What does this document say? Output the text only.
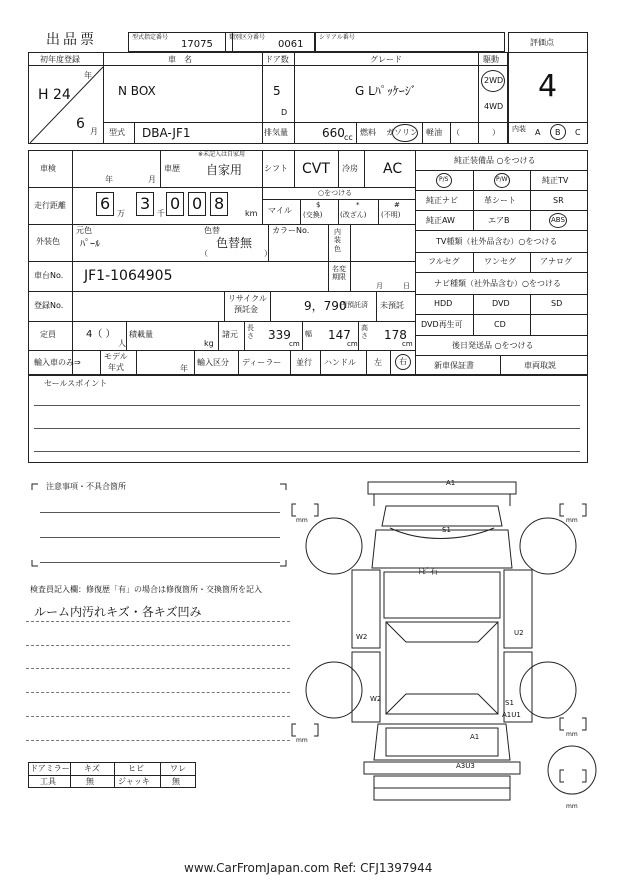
出品票	型式指定番号
17075
類別区分番号
0061
シリアル番号
初年度登録
年
H 24
6 月
車　名
N BOX
ドア数
5
D
グレード
G Lﾊﾟｯｹｰｼﾞ
駆動
2WD
4WD
型式 DBA-JF1	排気量	660 cc
燃料 ガソリン 軽油 （　　　　）
評価点
4
内装 A B C
車検
年	月
車歴
※未記入は自家用
自家用	シフト CVT 冷房 AC
走行距離 6
万
3
千
0 0 8
km
○をつける
マイル
$
(交換)
*
(改ざん)
#
(不明)
外装色
元色
ﾊﾟｰﾙ
色替
色替無
（　　　　　　　）
カラーNo.	内装色
車台No. JF1-1064905	名変期限
月	日
登録No.
リサイクル
預託金	9，790
円預託済 未預託
定員	4（ ）
人
積載量
kg
諸元
長さ 339
cm
幅 147
cm
高さ 178
cm
輸入車のみ⇒
モデル
年式	年
輸入区分 ディーラー 並行 ハンドル 左 右
純正装備品 ○をつける
P/S	P/W	純正TV
純正ナビ	革シート	SR
純正AW	エアB	ABS
TV種類（社外品含む）○をつける
フルセグ	ワンセグ	アナログ
ナビ種類（社外品含む）○をつける
HDD	DVD	SD
DVD再生可	CD
後日発送品 ○をつける
新車保証書	車両取説
セールスポイント
注意事項・不具合箇所
検査員記入欄：修復歴「有」の場合は修復箇所・交換箇所を記入
ルーム内汚れキズ・各キズ凹み
ドアミラー キズ	ヒビ	ワレ
工具	無	ジャッキ	無
A1
S1
ﾄﾋﾞ石
W2	U2
W2	S1
A1U1
A1
A3U3
mm	mm
mm
mm
mm
www.CarFromJapan.com Ref: CFJ1397944
